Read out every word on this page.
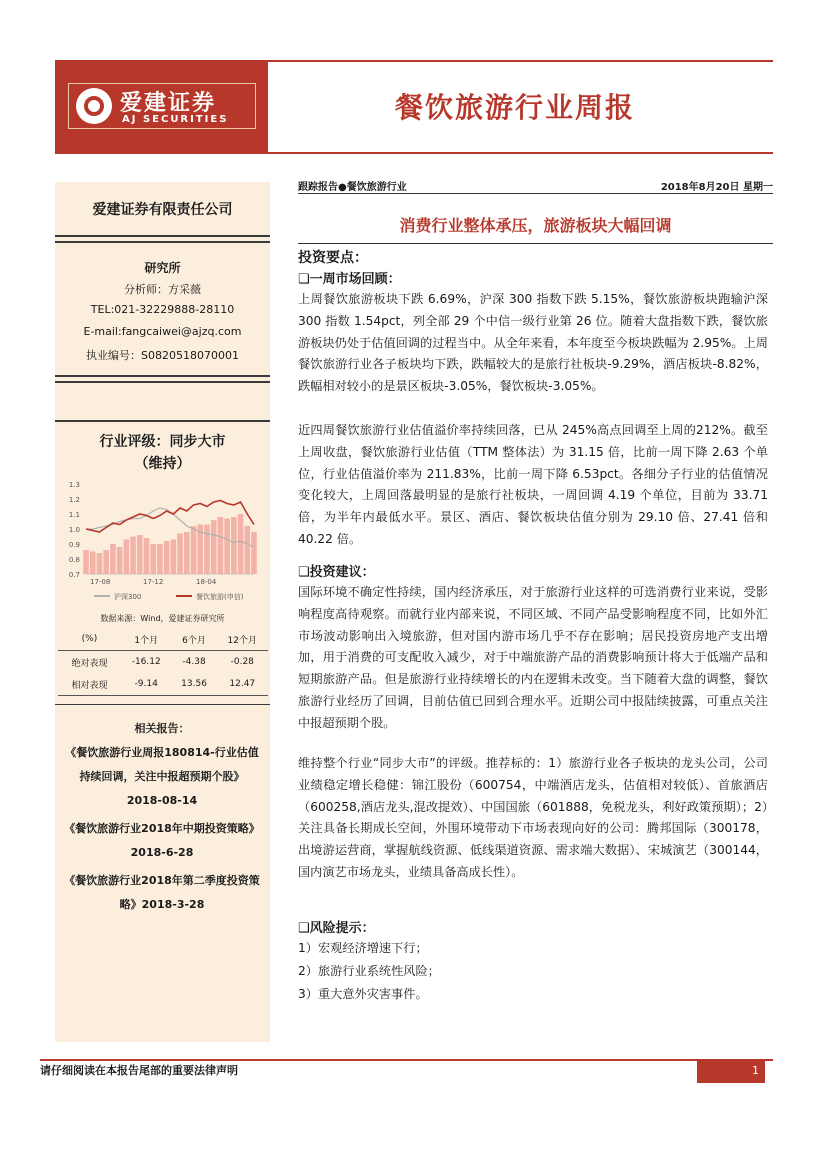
爱建证券
AJ SECURITIES	餐饮旅游行业周报
爱建证券有限责任公司
研究所
分析师：方采薇
TEL:021-32229888-28110
E-mail:fangcaiwei@ajzq.com
执业编号：S0820518070001
行业评级：同步大市
（维持）
1.3
1.2
1.1
1.0
0.9
0.8
0.7
17-08	17-12	18-04
沪深300	餐饮旅游(申信)
数据来源：Wind，爱建证券研究所
(%)	1个月	6个月	12个月
绝对表现	-16.12	-4.38	-0.28
相对表现	-9.14	13.56	12.47
相关报告：
《餐饮旅游行业周报180814-行业估值持续回调，关注中报超预期个股》2018-08-14
《餐饮旅游行业2018年中期投资策略》2018-6-28
《餐饮旅游行业2018年第二季度投资策略》2018-3-28
跟踪报告●餐饮旅游行业	2018年8月20日 星期一
消费行业整体承压，旅游板块大幅回调
投资要点：
❑一周市场回顾：
上周餐饮旅游板块下跌 6.69%，沪深 300 指数下跌 5.15%，餐饮旅游板块跑输沪深 300 指数 1.54pct，列全部 29 个中信一级行业第 26 位。随着大盘指数下跌，餐饮旅游板块仍处于估值回调的过程当中。从全年来看，本年度至今板块跌幅为 2.95%。上周餐饮旅游行业各子板块均下跌，跌幅较大的是旅行社板块-9.29%，酒店板块-8.82%，跌幅相对较小的是景区板块-3.05%，餐饮板块-3.05%。
近四周餐饮旅游行业估值溢价率持续回落，已从 245%高点回调至上周的212%。截至上周收盘，餐饮旅游行业估值（TTM 整体法）为 31.15 倍，比前一周下降 2.63 个单位，行业估值溢价率为 211.83%，比前一周下降 6.53pct。各细分子行业的估值情况变化较大，上周回落最明显的是旅行社板块，一周回调 4.19 个单位，目前为 33.71 倍，为半年内最低水平。景区、酒店、餐饮板块估值分别为 29.10 倍、27.41 倍和 40.22 倍。
❑投资建议：
国际环境不确定性持续，国内经济承压，对于旅游行业这样的可选消费行业来说，受影响程度高待观察。而就行业内部来说，不同区域、不同产品受影响程度不同，比如外汇市场波动影响出入境旅游，但对国内游市场几乎不存在影响；居民投资房地产支出增加，用于消费的可支配收入减少，对于中端旅游产品的消费影响预计将大于低端产品和短期旅游产品。但是旅游行业持续增长的内在逻辑未改变。当下随着大盘的调整，餐饮旅游行业经历了回调，目前估值已回到合理水平。近期公司中报陆续披露，可重点关注中报超预期个股。
维持整个行业“同步大市”的评级。推荐标的：1）旅游行业各子板块的龙头公司，公司业绩稳定增长稳健：锦江股份（600754，中端酒店龙头，估值相对较低）、首旅酒店（600258,酒店龙头,混改提效）、中国国旅（601888，免税龙头，利好政策预期）；2）关注具备长期成长空间，外围环境带动下市场表现向好的公司：腾邦国际（300178，出境游运营商，掌握航线资源、低线渠道资源、需求端大数据）、宋城演艺（300144，国内演艺市场龙头，业绩具备高成长性）。
❑风险提示：
1）宏观经济增速下行；
2）旅游行业系统性风险；
3）重大意外灾害事件。
请仔细阅读在本报告尾部的重要法律声明	1
